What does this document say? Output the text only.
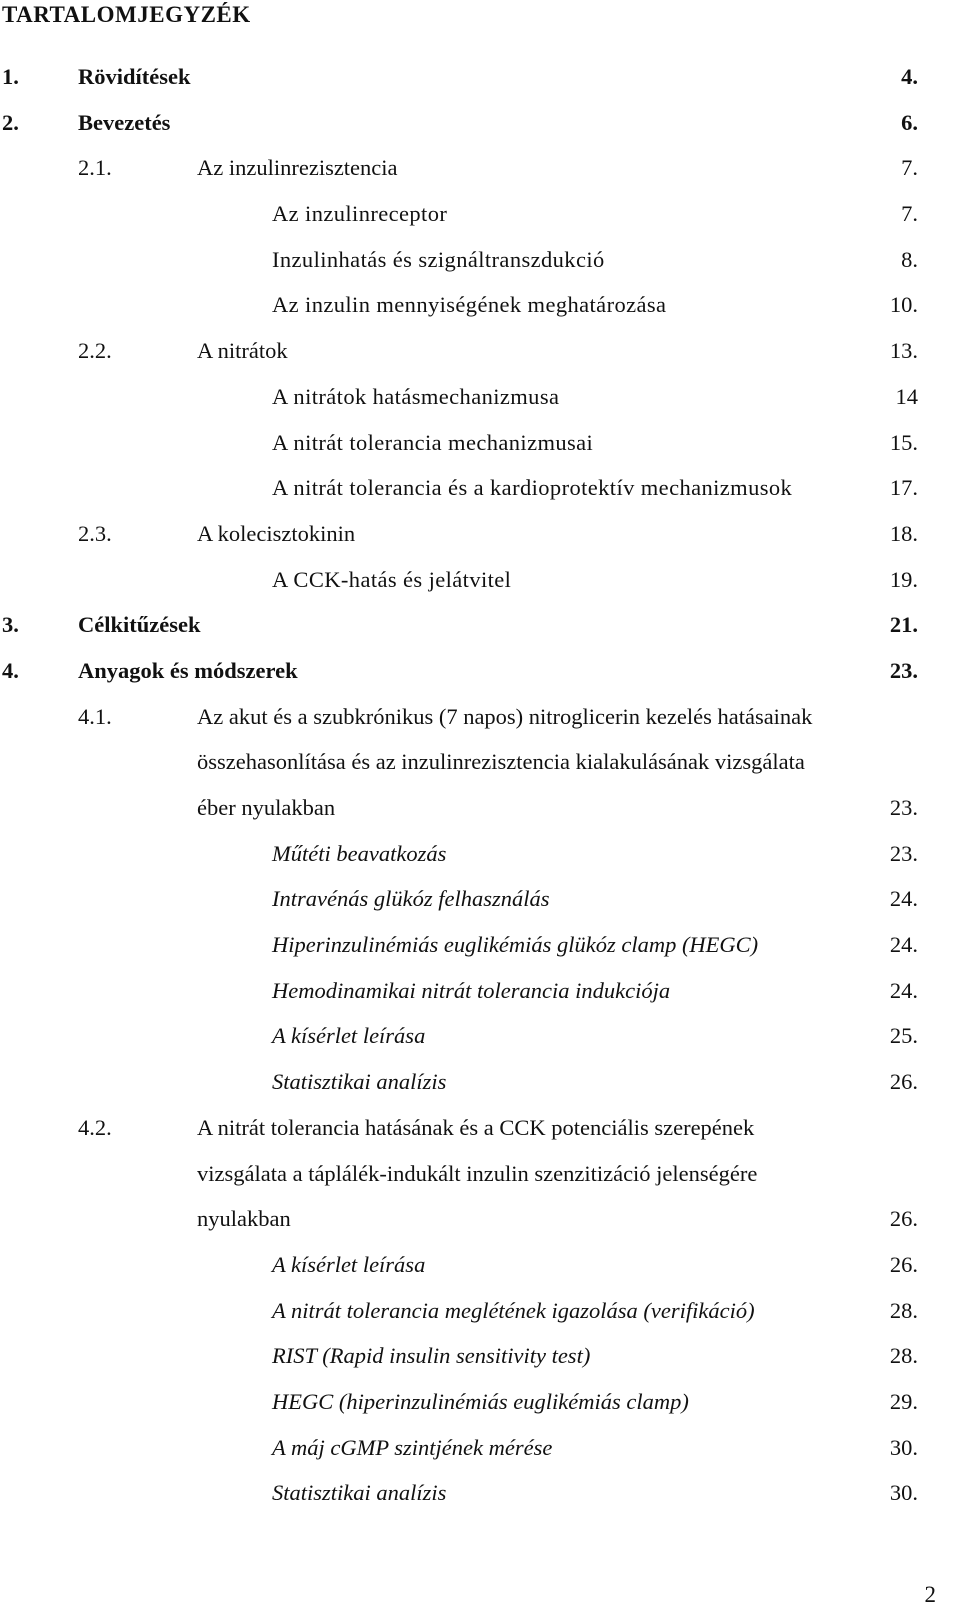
TARTALOMJEGYZÉK
1.	Rövidítések	4.
2.	Bevezetés	6.
2.1.	Az inzulinrezisztencia	7.
Az inzulinreceptor	7.
Inzulinhatás és szignáltranszdukció	8.
Az inzulin mennyiségének meghatározása	10.
2.2.	A nitrátok	13.
A nitrátok hatásmechanizmusa	14
A nitrát tolerancia mechanizmusai	15.
A nitrát tolerancia és a kardioprotektív mechanizmusok	17.
2.3.	A kolecisztokinin	18.
A CCK-hatás és jelátvitel	19.
3.	Célkitűzések	21.
4.	Anyagok és módszerek	23.
4.1.	Az akut és a szubkrónikus (7 napos) nitroglicerin kezelés hatásainak
összehasonlítása és az inzulinrezisztencia kialakulásának vizsgálata
éber nyulakban	23.
Műtéti beavatkozás	23.
Intravénás glükóz felhasználás	24.
Hiperinzulinémiás euglikémiás glükóz clamp (HEGC)	24.
Hemodinamikai nitrát tolerancia indukciója	24.
A kísérlet leírása	25.
Statisztikai analízis	26.
4.2.	A nitrát tolerancia hatásának és a CCK potenciális szerepének
vizsgálata a táplálék-indukált inzulin szenzitizáció jelenségére
nyulakban	26.
A kísérlet leírása	26.
A nitrát tolerancia meglétének igazolása (verifikáció)	28.
RIST (Rapid insulin sensitivity test)	28.
HEGC (hiperinzulinémiás euglikémiás clamp)	29.
A máj cGMP szintjének mérése	30.
Statisztikai analízis	30.
2
